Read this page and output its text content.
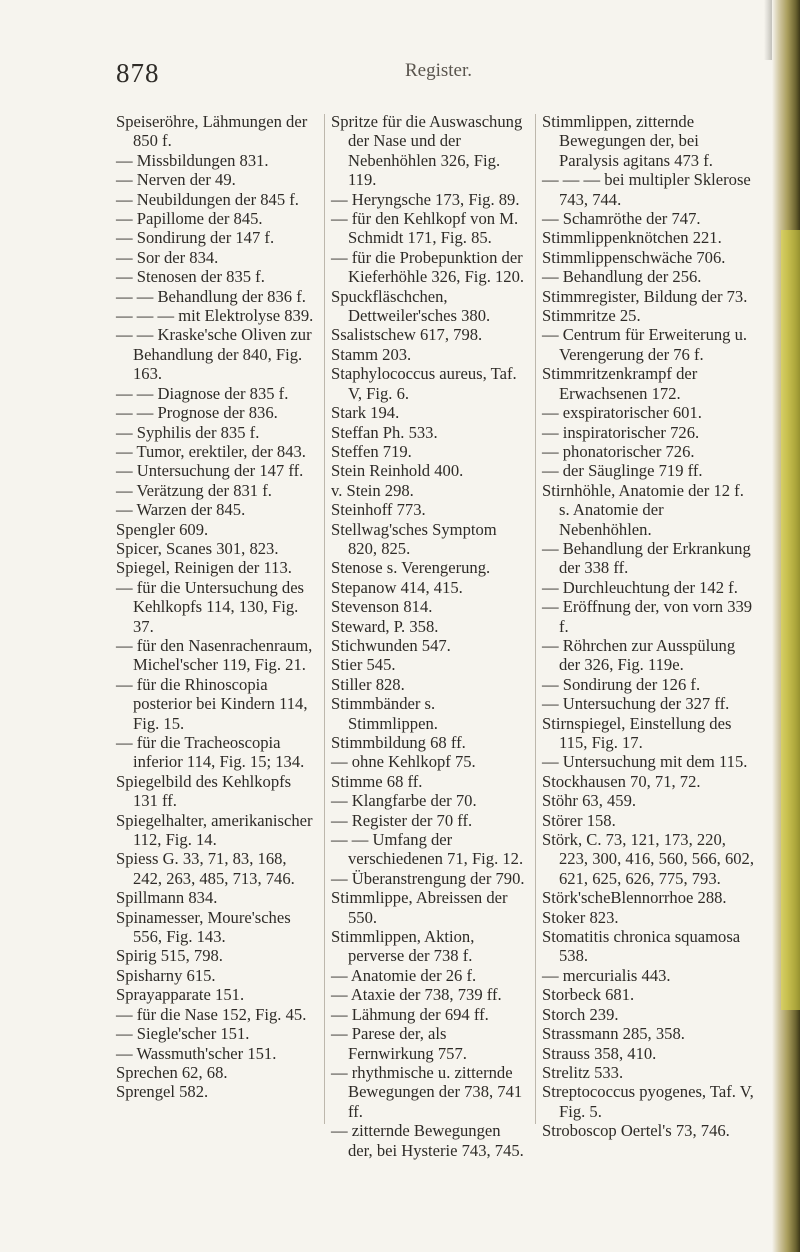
878	Register.

Speiseröhre, Lähmungen der 850 f.

— Missbildungen 831.

— Nerven der 49.

— Neubildungen der 845 f.

— Papillome der 845.

— Sondirung der 147 f.

— Sor der 834.

— Stenosen der 835 f.

— — Behandlung der 836 f.

— — — mit Elektrolyse 839.

— — Kraske'sche Oliven zur Behandlung der 840, Fig. 163.

— — Diagnose der 835 f.

— — Prognose der 836.

— Syphilis der 835 f.

— Tumor, erektiler, der 843.

— Untersuchung der 147 ff.

— Verätzung der 831 f.

— Warzen der 845.

Spengler 609.

Spicer, Scanes 301, 823.

Spiegel, Reinigen der 113.

— für die Untersuchung des Kehlkopfs 114, 130, Fig. 37.

— für den Nasenrachenraum, Michel'scher 119, Fig. 21.

— für die Rhinoscopia posterior bei Kindern 114, Fig. 15.

— für die Tracheoscopia inferior 114, Fig. 15; 134.

Spiegelbild des Kehlkopfs 131 ff.

Spiegelhalter, amerikanischer 112, Fig. 14.

Spiess G. 33, 71, 83, 168, 242, 263, 485, 713, 746.

Spillmann 834.

Spinamesser, Moure'sches 556, Fig. 143.

Spirig 515, 798.

Spisharny 615.

Sprayapparate 151.

— für die Nase 152, Fig. 45.

— Siegle'scher 151.

— Wassmuth'scher 151.

Sprechen 62, 68.

Sprengel 582.

Spritze für die Auswaschung der Nase und der Nebenhöhlen 326, Fig. 119.

— Heryngsche 173, Fig. 89.

— für den Kehlkopf von M. Schmidt 171, Fig. 85.

— für die Probepunktion der Kieferhöhle 326, Fig. 120.

Spuckfläschchen, Dettweiler'sches 380.

Ssalistschew 617, 798.

Stamm 203.

Staphylococcus aureus, Taf. V, Fig. 6.

Stark 194.

Steffan Ph. 533.

Steffen 719.

Stein Reinhold 400.

v. Stein 298.

Steinhoff 773.

Stellwag'sches Symptom 820, 825.

Stenose s. Verengerung.

Stepanow 414, 415.

Stevenson 814.

Steward, P. 358.

Stichwunden 547.

Stier 545.

Stiller 828.

Stimmbänder s. Stimmlippen.

Stimmbildung 68 ff.

— ohne Kehlkopf 75.

Stimme 68 ff.

— Klangfarbe der 70.

— Register der 70 ff.

— — Umfang der verschiedenen 71, Fig. 12.

— Überanstrengung der 790.

Stimmlippe, Abreissen der 550.

Stimmlippen, Aktion, perverse der 738 f.

— Anatomie der 26 f.

— Ataxie der 738, 739 ff.

— Lähmung der 694 ff.

— Parese der, als Fernwirkung 757.

— rhythmische u. zitternde Bewegungen der 738, 741 ff.

— zitternde Bewegungen der, bei Hysterie 743, 745.

Stimmlippen, zitternde Bewegungen der, bei Paralysis agitans 473 f.

— — — bei multipler Sklerose 743, 744.

— Schamröthe der 747.

Stimmlippenknötchen 221.

Stimmlippenschwäche 706.

— Behandlung der 256.

Stimmregister, Bildung der 73.

Stimmritze 25.

— Centrum für Erweiterung u. Verengerung der 76 f.

Stimmritzenkrampf der Erwachsenen 172.

— exspiratorischer 601.

— inspiratorischer 726.

— phonatorischer 726.

— der Säuglinge 719 ff.

Stirnhöhle, Anatomie der 12 f. s. Anatomie der Nebenhöhlen.

— Behandlung der Erkrankung der 338 ff.

— Durchleuchtung der 142 f.

— Eröffnung der, von vorn 339 f.

— Röhrchen zur Ausspülung der 326, Fig. 119e.

— Sondirung der 126 f.

— Untersuchung der 327 ff.

Stirnspiegel, Einstellung des 115, Fig. 17.

— Untersuchung mit dem 115.

Stockhausen 70, 71, 72.

Stöhr 63, 459.

Störer 158.

Störk, C. 73, 121, 173, 220, 223, 300, 416, 560, 566, 602, 621, 625, 626, 775, 793.

Störk'scheBlennorrhoe 288.

Stoker 823.

Stomatitis chronica squamosa 538.

— mercurialis 443.

Storbeck 681.

Storch 239.

Strassmann 285, 358.

Strauss 358, 410.

Strelitz 533.

Streptococcus pyogenes, Taf. V, Fig. 5.

Stroboscop Oertel's 73, 746.
